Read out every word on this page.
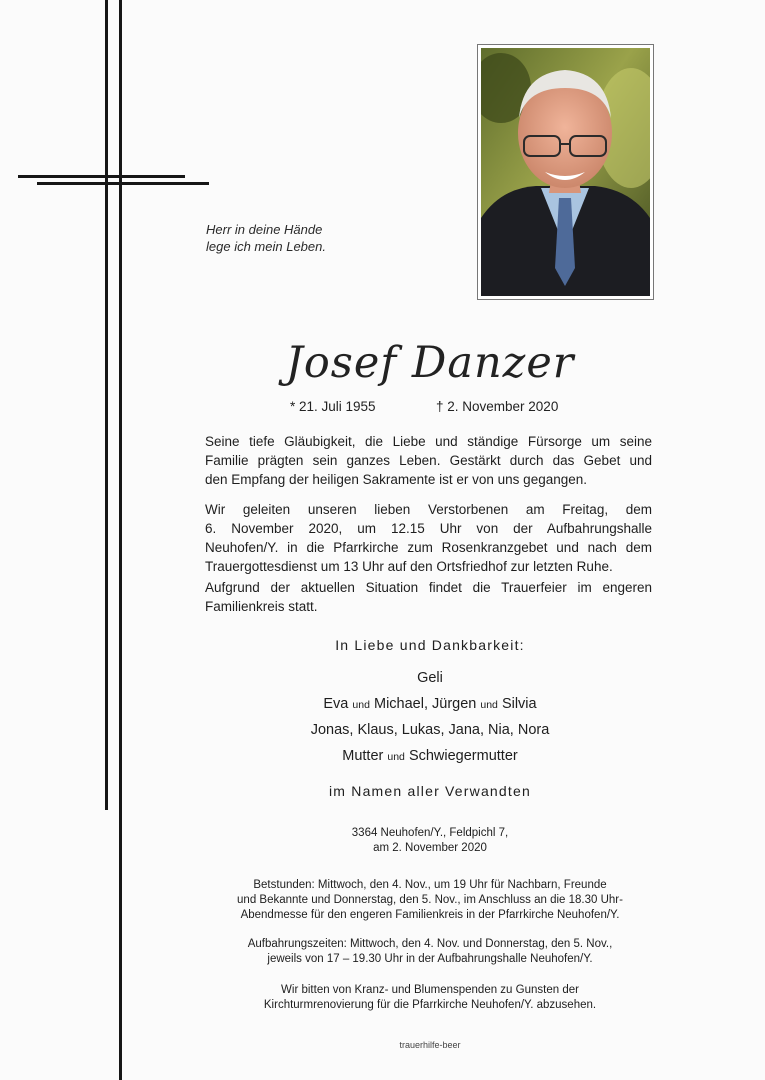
Herr in deine Hände
lege ich mein Leben.
Josef Danzer
* 21. Juli 1955	† 2. November 2020
Seine tiefe Gläubigkeit, die Liebe und ständige Fürsorge um seine
Familie prägten sein ganzes Leben. Gestärkt durch das Gebet und
den Empfang der heiligen Sakramente ist er von uns gegangen.
Wir geleiten unseren lieben Verstorbenen am Freitag, dem
6. November 2020, um 12.15 Uhr von der Aufbahrungshalle
Neuhofen/Y. in die Pfarrkirche zum Rosenkranzgebet und nach dem
Trauergottesdienst um 13 Uhr auf den Ortsfriedhof zur letzten Ruhe.
Aufgrund der aktuellen Situation findet die Trauerfeier im engeren
Familienkreis statt.
In Liebe und Dankbarkeit:
Geli
Eva und Michael, Jürgen und Silvia
Jonas, Klaus, Lukas, Jana, Nia, Nora
Mutter und Schwiegermutter
im Namen aller Verwandten
3364 Neuhofen/Y., Feldpichl 7,
am 2. November 2020
Betstunden: Mittwoch, den 4. Nov., um 19 Uhr für Nachbarn, Freunde
und Bekannte und Donnerstag, den 5. Nov., im Anschluss an die 18.30 Uhr-
Abendmesse für den engeren Familienkreis in der Pfarrkirche Neuhofen/Y.
Aufbahrungszeiten: Mittwoch, den 4. Nov. und Donnerstag, den 5. Nov.,
jeweils von 17 – 19.30 Uhr in der Aufbahrungshalle Neuhofen/Y.
Wir bitten von Kranz- und Blumenspenden zu Gunsten der
Kirchturmrenovierung für die Pfarrkirche Neuhofen/Y. abzusehen.
trauerhilfe-beer
